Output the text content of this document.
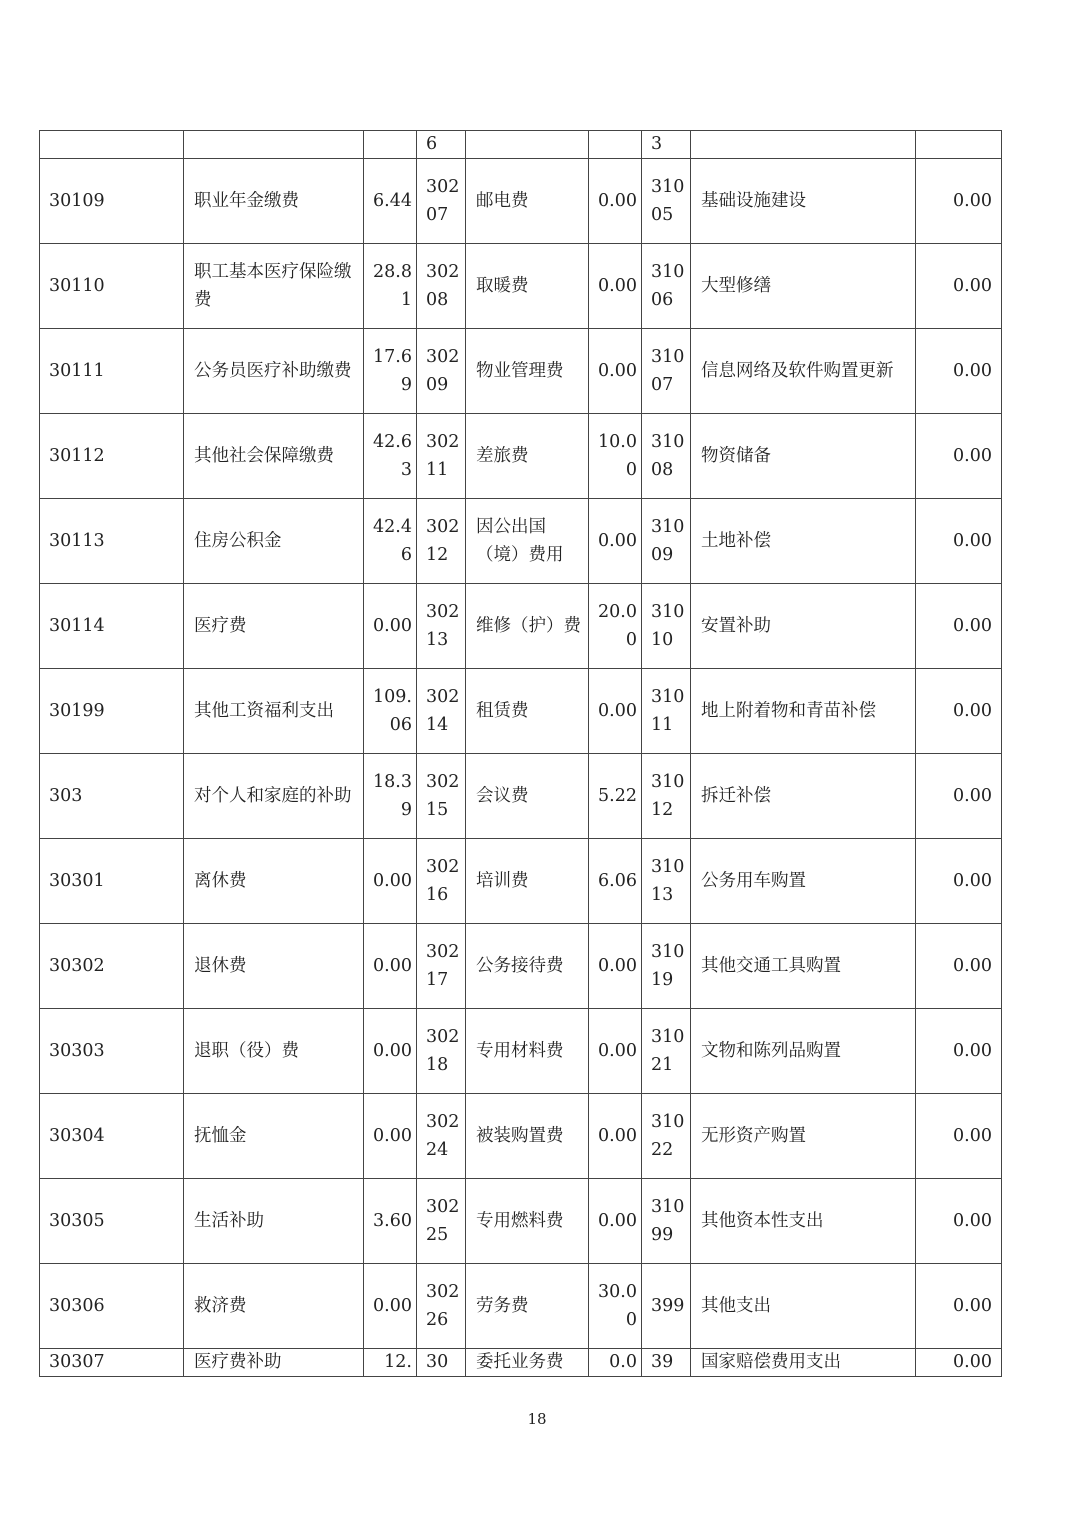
			6			3		
30109	职业年金缴费	6.44	30207	邮电费	0.00	31005	基础设施建设	0.00
30110	职工基本医疗保险缴费	28.81	30208	取暖费	0.00	31006	大型修缮	0.00
30111	公务员医疗补助缴费	17.69	30209	物业管理费	0.00	31007	信息网络及软件购置更新	0.00
30112	其他社会保障缴费	42.63	30211	差旅费	10.00	31008	物资储备	0.00
30113	住房公积金	42.46	30212	因公出国（境）费用	0.00	31009	土地补偿	0.00
30114	医疗费	0.00	30213	维修（护）费	20.00	31010	安置补助	0.00
30199	其他工资福利支出	109.06	30214	租赁费	0.00	31011	地上附着物和青苗补偿	0.00
303	对个人和家庭的补助	18.39	30215	会议费	5.22	31012	拆迁补偿	0.00
30301	离休费	0.00	30216	培训费	6.06	31013	公务用车购置	0.00
30302	退休费	0.00	30217	公务接待费	0.00	31019	其他交通工具购置	0.00
30303	退职（役）费	0.00	30218	专用材料费	0.00	31021	文物和陈列品购置	0.00
30304	抚恤金	0.00	30224	被装购置费	0.00	31022	无形资产购置	0.00
30305	生活补助	3.60	30225	专用燃料费	0.00	31099	其他资本性支出	0.00
30306	救济费	0.00	30226	劳务费	30.00	399	其他支出	0.00
30307	医疗费补助	12.	30	委托业务费	0.0	39	国家赔偿费用支出	0.00
18
